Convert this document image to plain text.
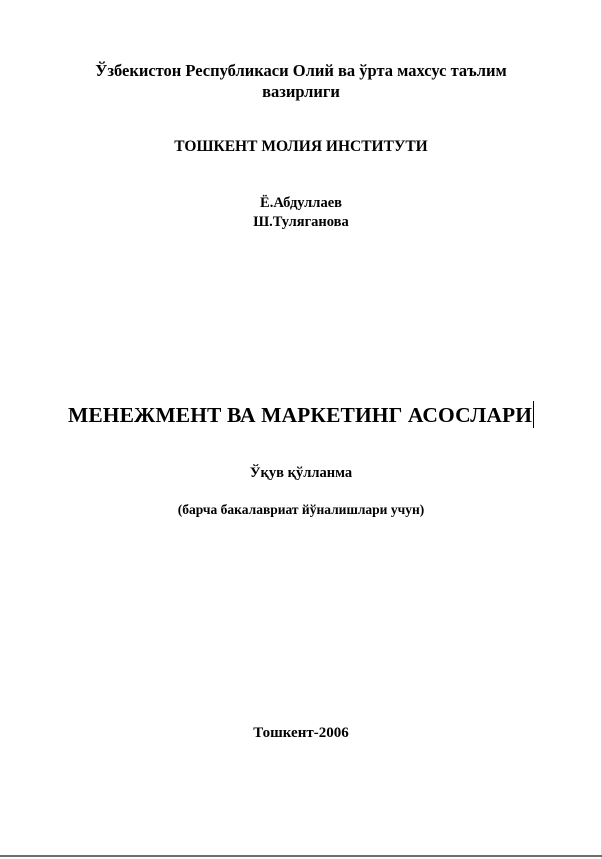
Ўзбекистон Республикаси Олий ва ўрта махсус таълим
вазирлиги
ТОШКЕНТ МОЛИЯ ИНСТИТУТИ
Ё.Абдуллаев
Ш.Туляганова
МЕНЕЖМЕНТ ВА МАРКЕТИНГ АСОСЛАРИ
Ўқув қўлланма
(барча бакалавриат йўналишлари учун)
Тошкент-2006
